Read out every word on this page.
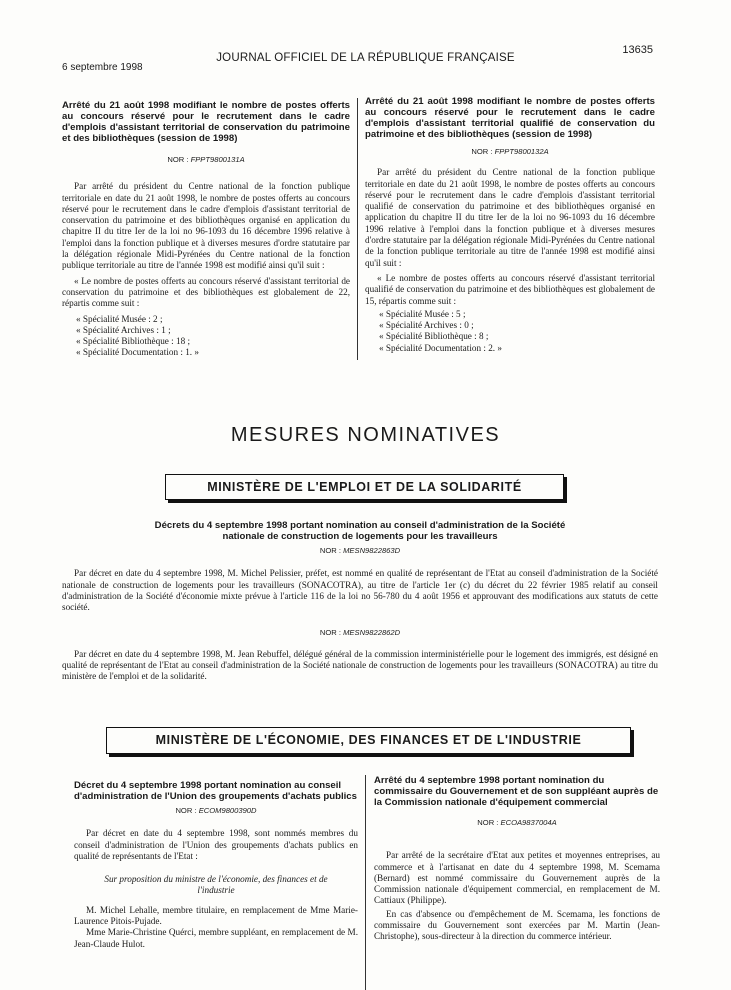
6 septembre 1998
JOURNAL OFFICIEL DE LA RÉPUBLIQUE FRANÇAISE
13635
Arrêté du 21 août 1998 modifiant le nombre de postes offerts au concours réservé pour le recrutement dans le cadre d'emplois d'assistant territorial de conservation du patrimoine et des bibliothèques (session de 1998)
NOR : FPPT9800131A

Par arrêté du président du Centre national de la fonction publique territoriale en date du 21 août 1998, le nombre de postes offerts au concours réservé pour le recrutement dans le cadre d'emplois d'assistant territorial de conservation du patrimoine et des bibliothèques organisé en application du chapitre II du titre Ier de la loi no 96-1093 du 16 décembre 1996 relative à l'emploi dans la fonction publique et à diverses mesures d'ordre statutaire par la délégation régionale Midi-Pyrénées du Centre national de la fonction publique territoriale au titre de l'année 1998 est modifié ainsi qu'il suit :

« Le nombre de postes offerts au concours réservé d'assistant territorial de conservation du patrimoine et des bibliothèques est globalement de 22, répartis comme suit :

« Spécialité Musée : 2 ;
« Spécialité Archives : 1 ;
« Spécialité Bibliothèque : 18 ;
« Spécialité Documentation : 1. »
Arrêté du 21 août 1998 modifiant le nombre de postes offerts au concours réservé pour le recrutement dans le cadre d'emplois d'assistant territorial qualifié de conservation du patrimoine et des bibliothèques (session de 1998)
NOR : FPPT9800132A

Par arrêté du président du Centre national de la fonction publique territoriale en date du 21 août 1998, le nombre de postes offerts au concours réservé pour le recrutement dans le cadre d'emplois d'assistant territorial qualifié de conservation du patrimoine et des bibliothèques organisé en application du chapitre II du titre Ier de la loi no 96-1093 du 16 décembre 1996 relative à l'emploi dans la fonction publique et à diverses mesures d'ordre statutaire par la délégation régionale Midi-Pyrénées du Centre national de la fonction publique territoriale au titre de l'année 1998 est modifié ainsi qu'il suit :

« Le nombre de postes offerts au concours réservé d'assistant territorial qualifié de conservation du patrimoine et des bibliothèques est globalement de 15, répartis comme suit :

« Spécialité Musée : 5 ;
« Spécialité Archives : 0 ;
« Spécialité Bibliothèque : 8 ;
« Spécialité Documentation : 2. »
MESURES NOMINATIVES
MINISTÈRE DE L'EMPLOI ET DE LA SOLIDARITÉ
Décrets du 4 septembre 1998 portant nomination au conseil d'administration de la Société nationale de construction de logements pour les travailleurs
NOR : MESN9822863D

Par décret en date du 4 septembre 1998, M. Michel Pelissier, préfet, est nommé en qualité de représentant de l'Etat au conseil d'administration de la Société nationale de construction de logements pour les travailleurs (SONACOTRA), au titre de l'article 1er (c) du décret du 22 février 1985 relatif au conseil d'administration de la Société d'économie mixte prévue à l'article 116 de la loi no 56-780 du 4 août 1956 et approuvant des modifications aux statuts de cette société.

NOR : MESN9822862D

Par décret en date du 4 septembre 1998, M. Jean Rebuffel, délégué général de la commission interministérielle pour le logement des immigrés, est désigné en qualité de représentant de l'Etat au conseil d'administration de la Société nationale de construction de logements pour les travailleurs (SONACOTRA) au titre du ministère de l'emploi et de la solidarité.

MINISTÈRE DE L'ÉCONOMIE, DES FINANCES ET DE L'INDUSTRIE
Décret du 4 septembre 1998 portant nomination au conseil d'administration de l'Union des groupements d'achats publics
NOR : ECOM9800390D

Par décret en date du 4 septembre 1998, sont nommés membres du conseil d'administration de l'Union des groupements d'achats publics en qualité de représentants de l'Etat :

Sur proposition du ministre de l'économie, des finances et de l'industrie

M. Michel Lehalle, membre titulaire, en remplacement de Mme Marie-Laurence Pitois-Pujade.

Mme Marie-Christine Quérci, membre suppléant, en remplacement de M. Jean-Claude Hulot.

Arrêté du 4 septembre 1998 portant nomination du commissaire du Gouvernement et de son suppléant auprès de la Commission nationale d'équipement commercial
NOR : ECOA9837004A

Par arrêté de la secrétaire d'Etat aux petites et moyennes entreprises, au commerce et à l'artisanat en date du 4 septembre 1998, M. Scemama (Bernard) est nommé commissaire du Gouvernement auprès de la Commission nationale d'équipement commercial, en remplacement de M. Cattiaux (Philippe).

En cas d'absence ou d'empêchement de M. Scemama, les fonctions de commissaire du Gouvernement sont exercées par M. Martin (Jean-Christophe), sous-directeur à la direction du commerce intérieur.
